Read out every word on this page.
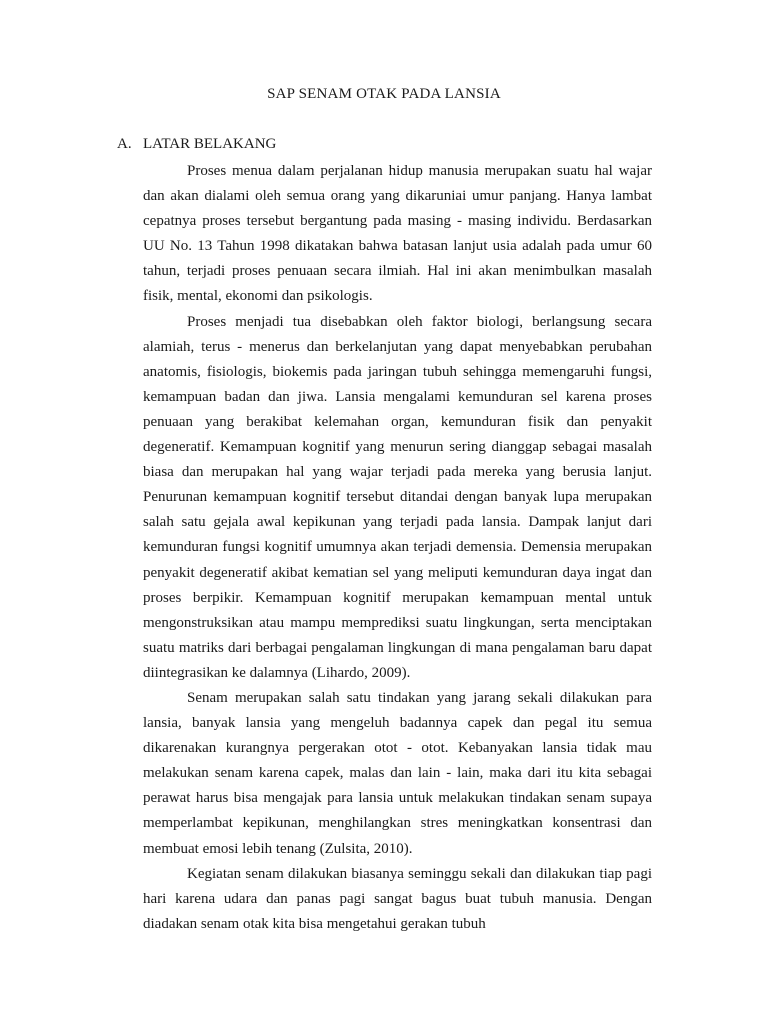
SAP SENAM OTAK PADA LANSIA
A. LATAR BELAKANG

Proses menua dalam perjalanan hidup manusia merupakan suatu hal wajar dan akan dialami oleh semua orang yang dikaruniai umur panjang. Hanya lambat cepatnya proses tersebut bergantung pada masing - masing individu. Berdasarkan UU No. 13 Tahun 1998 dikatakan bahwa batasan lanjut usia adalah pada umur 60 tahun, terjadi proses penuaan secara ilmiah. Hal ini akan menimbulkan masalah fisik, mental, ekonomi dan psikologis.

Proses menjadi tua disebabkan oleh faktor biologi, berlangsung secara alamiah, terus - menerus dan berkelanjutan yang dapat menyebabkan perubahan anatomis, fisiologis, biokemis pada jaringan tubuh sehingga memengaruhi fungsi, kemampuan badan dan jiwa. Lansia mengalami kemunduran sel karena proses penuaan yang berakibat kelemahan organ, kemunduran fisik dan penyakit degeneratif. Kemampuan kognitif yang menurun sering dianggap sebagai masalah biasa dan merupakan hal yang wajar terjadi pada mereka yang berusia lanjut. Penurunan kemampuan kognitif tersebut ditandai dengan banyak lupa merupakan salah satu gejala awal kepikunan yang terjadi pada lansia. Dampak lanjut dari kemunduran fungsi kognitif umumnya akan terjadi demensia. Demensia merupakan penyakit degeneratif akibat kematian sel yang meliputi kemunduran daya ingat dan proses berpikir. Kemampuan kognitif merupakan kemampuan mental untuk mengonstruksikan atau mampu memprediksi suatu lingkungan, serta menciptakan suatu matriks dari berbagai pengalaman lingkungan di mana pengalaman baru dapat diintegrasikan ke dalamnya (Lihardo, 2009).

Senam merupakan salah satu tindakan yang jarang sekali dilakukan para lansia, banyak lansia yang mengeluh badannya capek dan pegal itu semua dikarenakan kurangnya pergerakan otot - otot. Kebanyakan lansia tidak mau melakukan senam karena capek, malas dan lain - lain, maka dari itu kita sebagai perawat harus bisa mengajak para lansia untuk melakukan tindakan senam supaya memperlambat kepikunan, menghilangkan stres meningkatkan konsentrasi dan membuat emosi lebih tenang (Zulsita, 2010).

Kegiatan senam dilakukan biasanya seminggu sekali dan dilakukan tiap pagi hari karena udara dan panas pagi sangat bagus buat tubuh manusia. Dengan diadakan senam otak kita bisa mengetahui gerakan tubuh
